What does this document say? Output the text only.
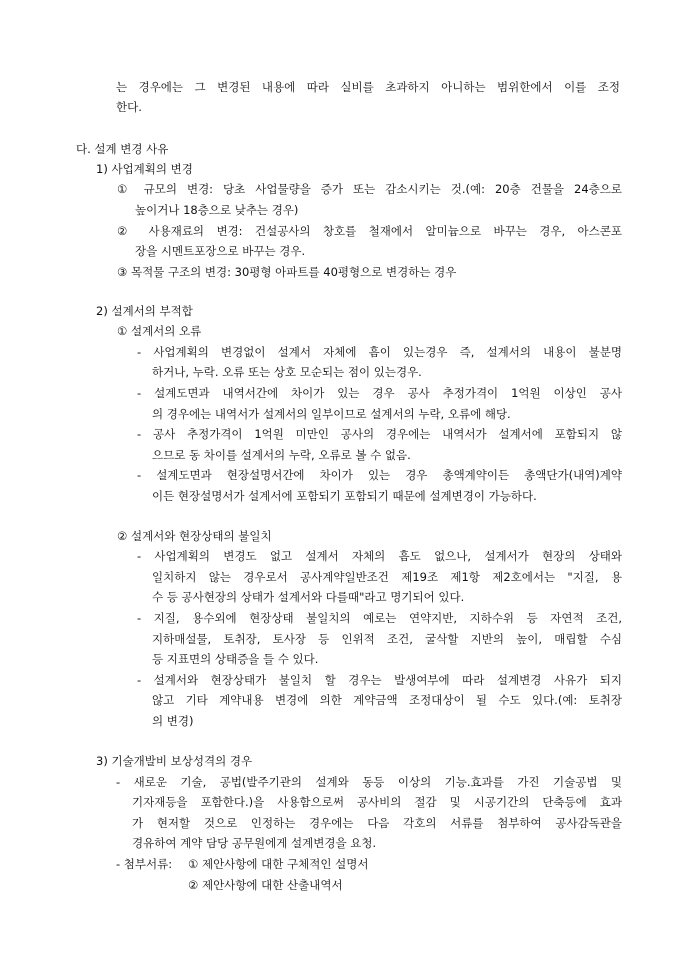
는 경우에는 그 변경된 내용에 따라 실비를 초과하지 아니하는 범위한에서 이를 조정
한다.
다. 설계 변경 사유
1) 사업계획의 변경
① 규모의 변경: 당초 사업물량을 증가 또는 감소시키는 것.(예: 20층 건물을 24층으로
높이거나 18층으로 낮추는 경우)
② 사용재료의 변경: 건설공사의 창호를 철재에서 알미늄으로 바꾸는 경우, 아스콘포
장을 시멘트포장으로 바꾸는 경우.
③ 목적물 구조의 변경: 30평형 아파트를 40평형으로 변경하는 경우
2) 설계서의 부적합
① 설계서의 오류
- 사업계획의 변경없이 설계서 자체에 흠이 있는경우 즉, 설계서의 내용이 불분명
하거나, 누락. 오류 또는 상호 모순되는 점이 있는경우.
- 설계도면과 내역서간에 차이가 있는 경우 공사 추정가격이 1억원 이상인 공사
의 경우에는 내역서가 설계서의 일부이므로 설계서의 누락, 오류에 해당.
- 공사 추정가격이 1억원 미만인 공사의 경우에는 내역서가 설계서에 포함되지 않
으므로 동 차이를 설계서의 누락, 오류로 볼 수 없음.
- 설계도면과 현장설명서간에 차이가 있는 경우 총액계약이든 총액단가(내역)계약
이든 현장설명서가 설계서에 포함되기 포함되기 때문에 설계변경이 가능하다.
② 설계서와 현장상태의 불일치
- 사업계획의 변경도 없고 설계서 자체의 흠도 없으나, 설계서가 현장의 상태와
일치하지 않는 경우로서 공사계약일반조건 제19조 제1항 제2호에서는 "지질, 용
수 등 공사현장의 상태가 설계서와 다를때"라고 명기되어 있다.
- 지질, 용수외에 현장상태 불일치의 예로는 연약지반, 지하수위 등 자연적 조건,
지하매설물, 토취장, 토사장 등 인위적 조건, 굴삭할 지반의 높이, 매립할 수심
등 지표면의 상태증을 들 수 있다.
- 설계서와 현장상태가 불일치 할 경우는 발생여부에 따라 설계변경 사유가 되지
않고 기타 계약내용 변경에 의한 계약금액 조정대상이 될 수도 있다.(예: 토취장
의 변경)
3) 기술개발비 보상성격의 경우
- 새로운 기술, 공법(발주기관의 설계와 동등 이상의 기능.효과를 가진 기술공법 및
기자재등을 포함한다.)을 사용함으로써 공사비의 절감 및 시공기간의 단축등에 효과
가 현저할 것으로 인정하는 경우에는 다음 각호의 서류를 첨부하여 공사감독관을
경유하여 계약 담당 공무원에게 설계변경을 요청.
- 첨부서류: ① 제안사항에 대한 구체적인 설명서
② 제안사항에 대한 산출내역서
